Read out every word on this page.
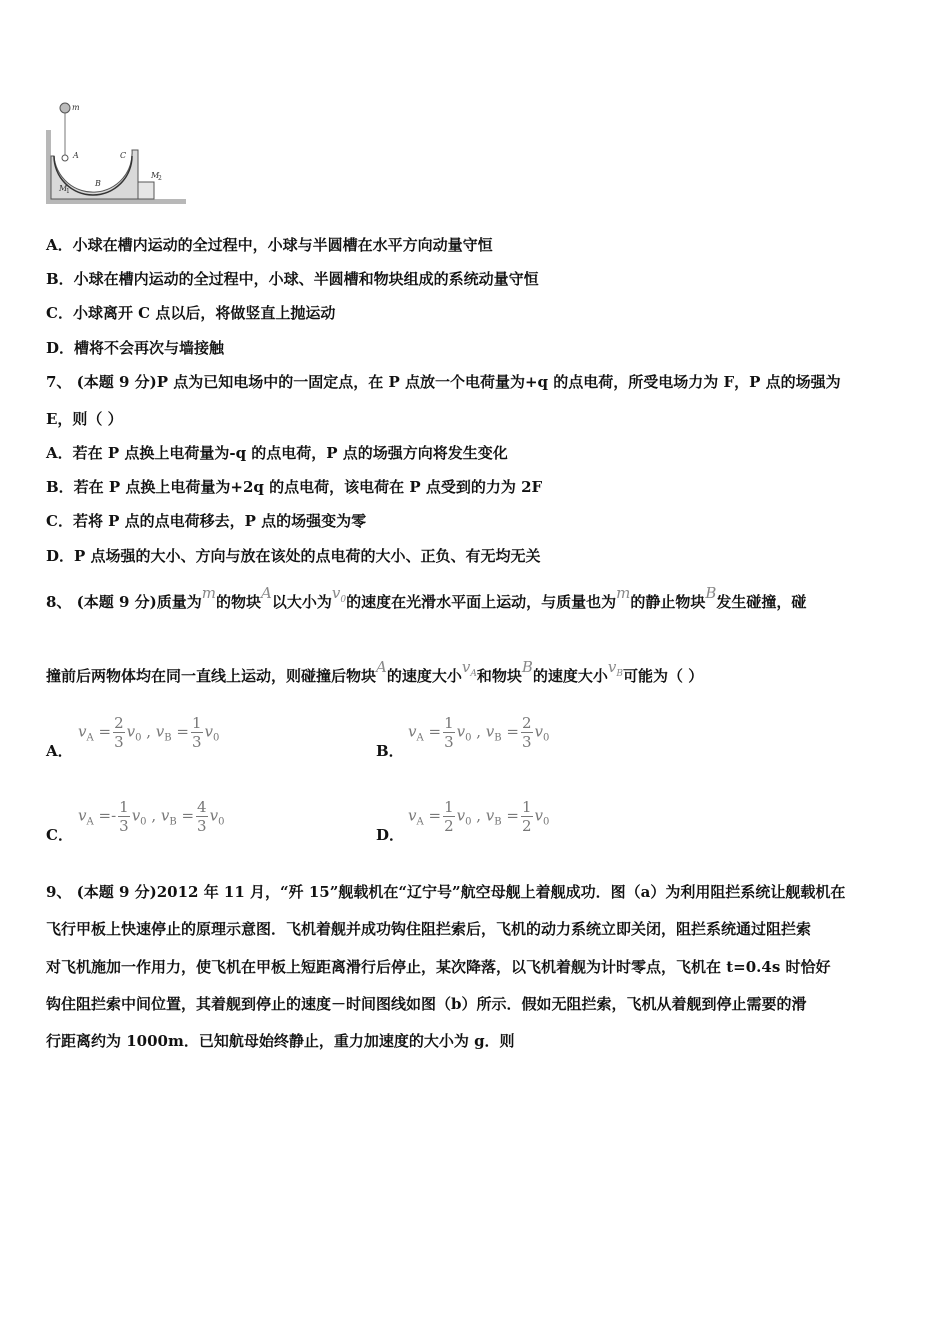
m
A
B
C
M
1
M
2
A．小球在槽内运动的全过程中，小球与半圆槽在水平方向动量守恒
B．小球在槽内运动的全过程中，小球、半圆槽和物块组成的系统动量守恒
C．小球离开 C 点以后，将做竖直上抛运动
D．槽将不会再次与墙接触
7、 (本题 9 分)P 点为已知电场中的一固定点，在 P 点放一个电荷量为+q 的点电荷，所受电场力为 F，P 点的场强为
E，则（ ）
A．若在 P 点换上电荷量为-q 的点电荷，P 点的场强方向将发生变化
B．若在 P 点换上电荷量为+2q 的点电荷，该电荷在 P 点受到的力为 2F
C．若将 P 点的点电荷移去，P 点的场强变为零
D．P 点场强的大小、方向与放在该处的点电荷的大小、正负、有无均无关
8、 (本题 9 分)质量为m的物块A以大小为$v_0$的速度在光滑水平面上运动，与质量也为m的静止物块B发生碰撞，碰
撞前后两物体均在同一直线上运动，则碰撞后物块A的速度大小$v_A$和物块B的速度大小$v_B$可能为（ ）
A．
$v_A = \frac{2}{3} v_0$ , $v_B = \frac{1}{3} v_0$
B．
$v_A = \frac{1}{3} v_0$ , $v_B = \frac{2}{3} v_0$
C．
$v_A =- \frac{1}{3} v_0$ , $v_B = \frac{4}{3} v_0$
D．
$v_A = \frac{1}{2} v_0$ , $v_B = \frac{1}{2} v_0$
9、 (本题 9 分)2012 年 11 月，“歼 15”舰载机在“辽宁号”航空母舰上着舰成功．图（a）为利用阻拦系统让舰载机在
飞行甲板上快速停止的原理示意图．飞机着舰并成功钩住阻拦索后，飞机的动力系统立即关闭，阻拦系统通过阻拦索
对飞机施加一作用力，使飞机在甲板上短距离滑行后停止，某次降落，以飞机着舰为计时零点，飞机在 t=0.4s 时恰好
钩住阻拦索中间位置，其着舰到停止的速度－时间图线如图（b）所示．假如无阻拦索，飞机从着舰到停止需要的滑
行距离约为 1000m．已知航母始终静止，重力加速度的大小为 g．则
